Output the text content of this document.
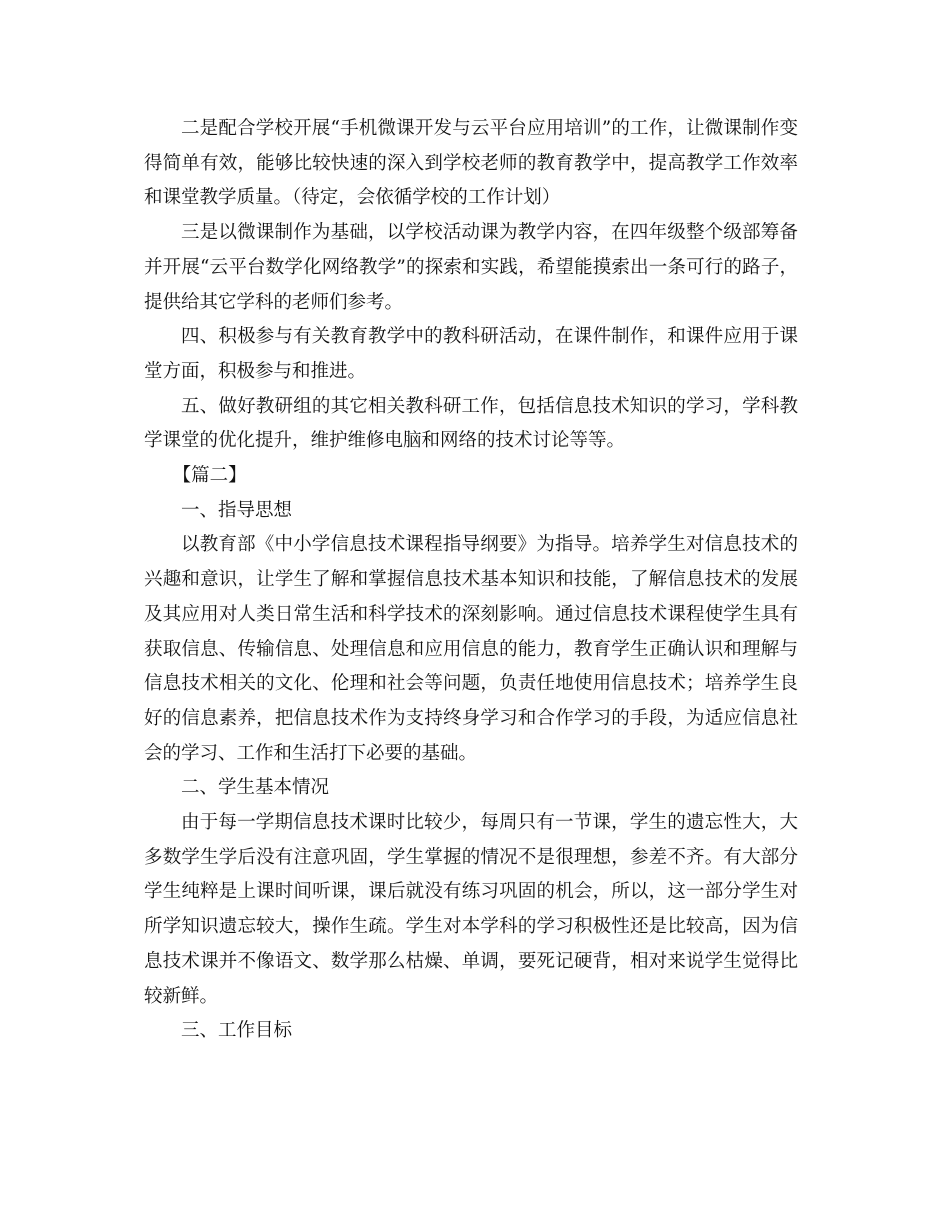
二是配合学校开展“手机微课开发与云平台应用培训”的工作，让微课制作变得简单有效，能够比较快速的深入到学校老师的教育教学中，提高教学工作效率和课堂教学质量。（待定，会依循学校的工作计划）

三是以微课制作为基础，以学校活动课为教学内容，在四年级整个级部筹备并开展“云平台数学化网络教学”的探索和实践，希望能摸索出一条可行的路子，提供给其它学科的老师们参考。

四、积极参与有关教育教学中的教科研活动，在课件制作，和课件应用于课堂方面，积极参与和推进。

五、做好教研组的其它相关教科研工作，包括信息技术知识的学习，学科教学课堂的优化提升，维护维修电脑和网络的技术讨论等等。

【篇二】

一、指导思想

以教育部《中小学信息技术课程指导纲要》为指导。培养学生对信息技术的兴趣和意识，让学生了解和掌握信息技术基本知识和技能，了解信息技术的发展及其应用对人类日常生活和科学技术的深刻影响。通过信息技术课程使学生具有获取信息、传输信息、处理信息和应用信息的能力，教育学生正确认识和理解与信息技术相关的文化、伦理和社会等问题，负责任地使用信息技术；培养学生良好的信息素养，把信息技术作为支持终身学习和合作学习的手段，为适应信息社会的学习、工作和生活打下必要的基础。

二、学生基本情况

由于每一学期信息技术课时比较少，每周只有一节课，学生的遗忘性大，大多数学生学后没有注意巩固，学生掌握的情况不是很理想，参差不齐。有大部分学生纯粹是上课时间听课，课后就没有练习巩固的机会，所以，这一部分学生对所学知识遗忘较大，操作生疏。学生对本学科的学习积极性还是比较高，因为信息技术课并不像语文、数学那么枯燥、单调，要死记硬背，相对来说学生觉得比较新鲜。

三、工作目标
